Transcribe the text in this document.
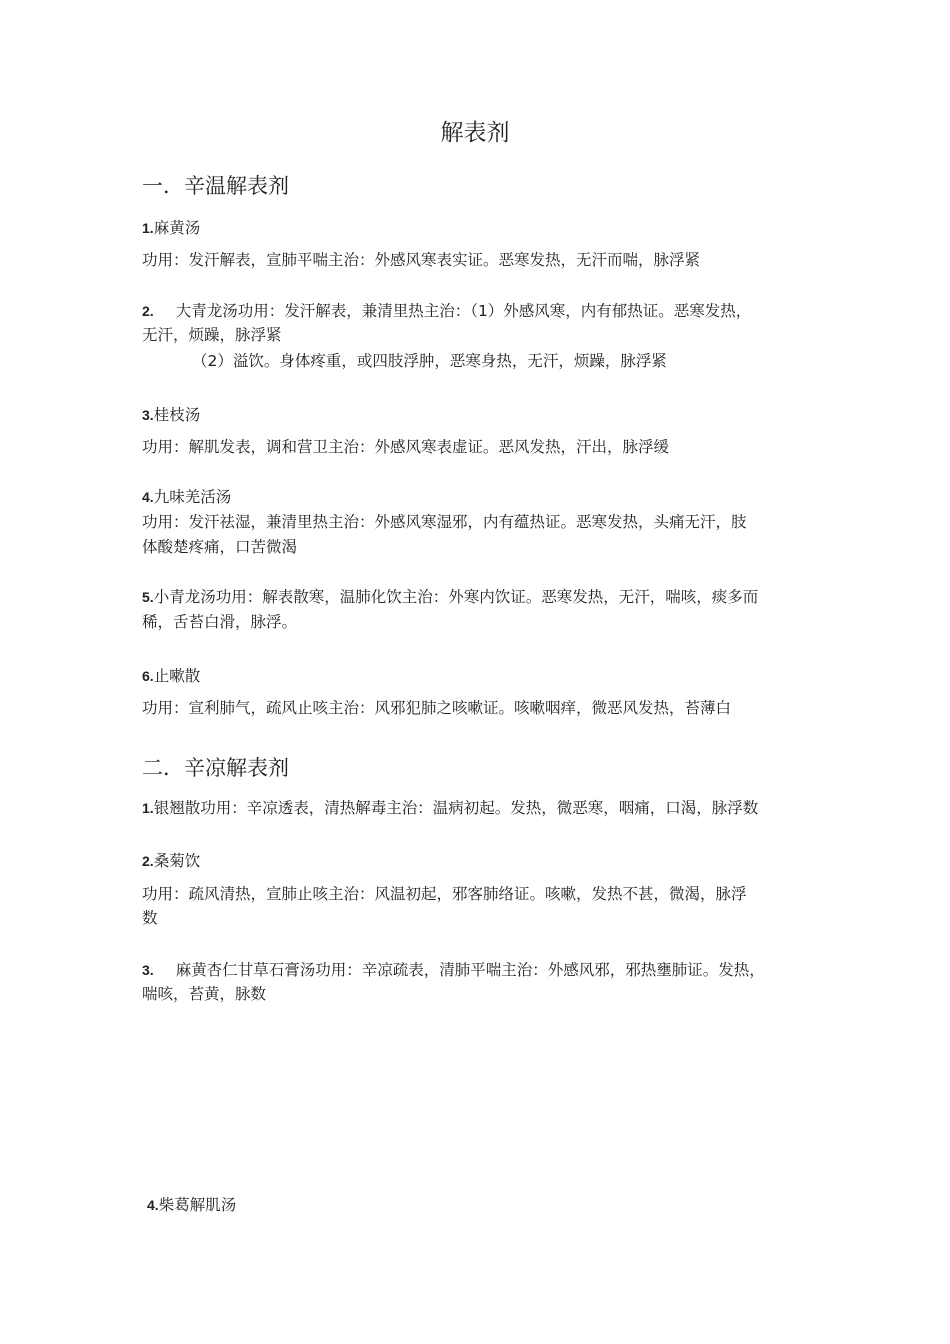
解表剂
一．辛温解表剂
1.麻黄汤
功用：发汗解表，宣肺平喘主治：外感风寒表实证。恶寒发热，无汗而喘，脉浮紧
2. 大青龙汤功用：发汗解表，兼清里热主治：（1）外感风寒，内有郁热证。恶寒发热，
无汗，烦躁，脉浮紧
（2）溢饮。身体疼重，或四肢浮肿，恶寒身热，无汗，烦躁，脉浮紧
3.桂枝汤
功用：解肌发表，调和营卫主治：外感风寒表虚证。恶风发热，汗出，脉浮缓
4.九味羌活汤
功用：发汗祛湿，兼清里热主治：外感风寒湿邪，内有蕴热证。恶寒发热，头痛无汗，肢
体酸楚疼痛，口苦微渴
5.小青龙汤功用：解表散寒，温肺化饮主治：外寒内饮证。恶寒发热，无汗，喘咳，痰多而
稀，舌苔白滑，脉浮。
6.止嗽散
功用：宣利肺气，疏风止咳主治：风邪犯肺之咳嗽证。咳嗽咽痒，微恶风发热，苔薄白
二．辛凉解表剂
1.银翘散功用：辛凉透表，清热解毒主治：温病初起。发热，微恶寒，咽痛，口渴，脉浮数
2.桑菊饮
功用：疏风清热，宣肺止咳主治：风温初起，邪客肺络证。咳嗽，发热不甚，微渴，脉浮
数
3. 麻黄杏仁甘草石膏汤功用：辛凉疏表，清肺平喘主治：外感风邪，邪热壅肺证。发热，
喘咳，苔黄，脉数
4.柴葛解肌汤
